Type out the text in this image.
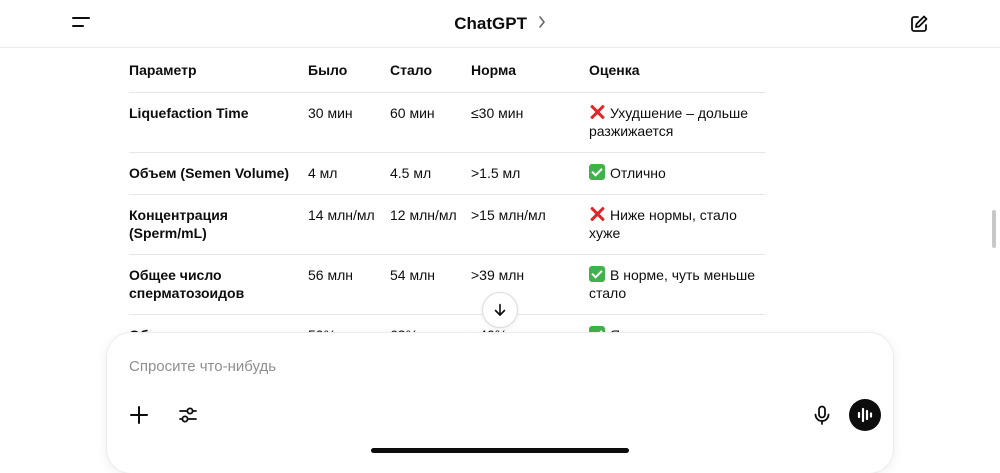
ChatGPT
Параметр	Было	Стало	Норма	Оценка
Liquefaction Time	30 мин	60 мин	≤30 мин	Ухудшение – дольше разжижается
Объем (Semen Volume)	4 мл	4.5 мл	>1.5 мл	Отлично
Концентрация (Sperm/mL)	14 млн/мл	12 млн/мл	>15 млн/мл	Ниже нормы, стало хуже
Общее число сперматозоидов	56 млн	54 млн	>39 млн	В норме, чуть меньше стало

Спросите что-нибудь
